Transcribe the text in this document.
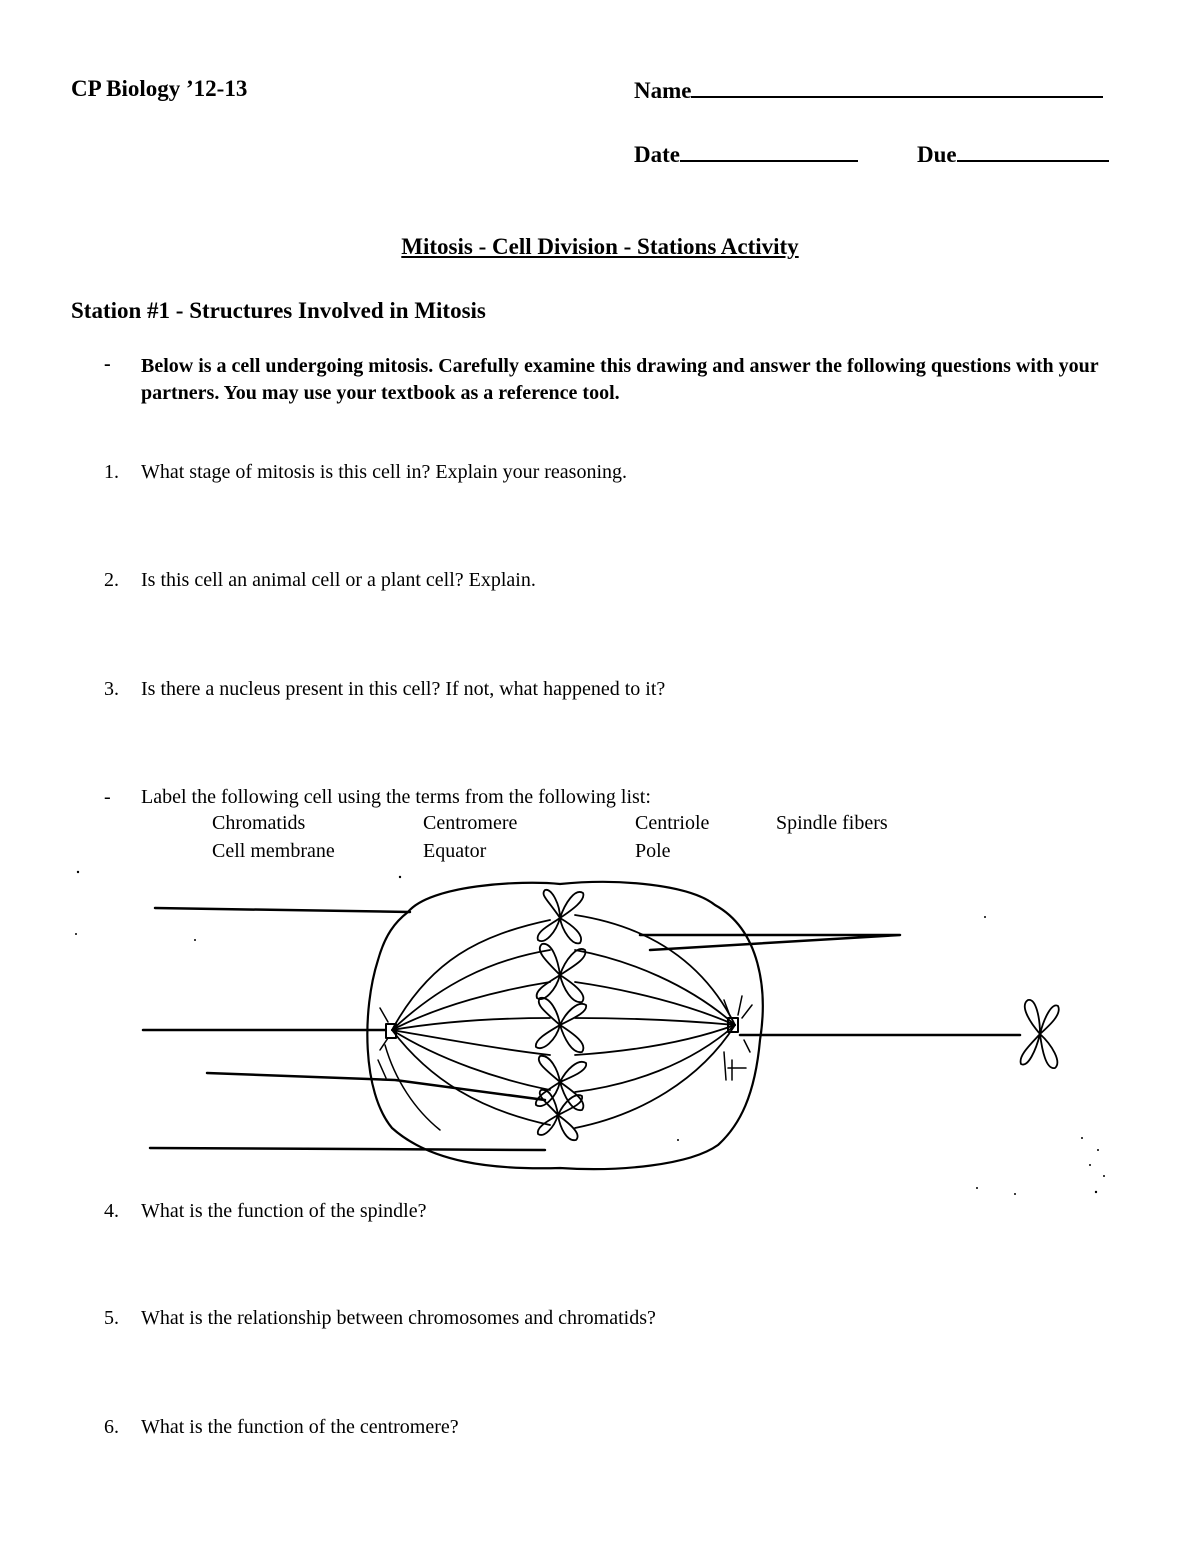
CP Biology ’12-13	Name
Date	Due
Mitosis - Cell Division - Stations Activity
Station #1 - Structures Involved in Mitosis
- Below is a cell undergoing mitosis. Carefully examine this drawing and answer the following questions with your partners. You may use your textbook as a reference tool.
1. What stage of mitosis is this cell in? Explain your reasoning.
2. Is this cell an animal cell or a plant cell? Explain.
3. Is there a nucleus present in this cell? If not, what happened to it?
- Label the following cell using the terms from the following list:
Chromatids	Centromere	Centriole	Spindle fibers
Cell membrane	Equator	Pole
4. What is the function of the spindle?
5. What is the relationship between chromosomes and chromatids?
6. What is the function of the centromere?
